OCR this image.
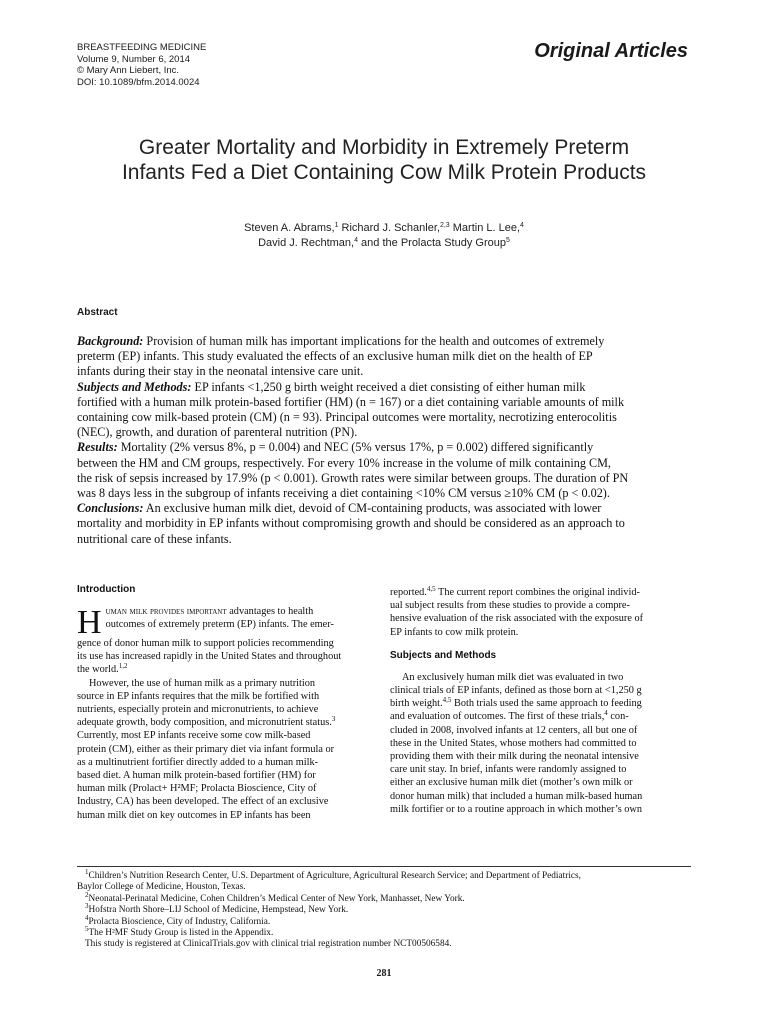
BREASTFEEDING MEDICINE
Volume 9, Number 6, 2014
© Mary Ann Liebert, Inc.
DOI: 10.1089/bfm.2014.0024
Original Articles
Greater Mortality and Morbidity in Extremely Preterm
Infants Fed a Diet Containing Cow Milk Protein Products
Steven A. Abrams,$^1$ Richard J. Schanler,$^{2,3}$ Martin L. Lee,$^4$
David J. Rechtman,$^4$ and the Prolacta Study Group$^5$
Abstract
Background: Provision of human milk has important implications for the health and outcomes of extremely
preterm (EP) infants. This study evaluated the effects of an exclusive human milk diet on the health of EP
infants during their stay in the neonatal intensive care unit.
Subjects and Methods: EP infants <1,250 g birth weight received a diet consisting of either human milk
fortified with a human milk protein-based fortifier (HM) (n = 167) or a diet containing variable amounts of milk
containing cow milk-based protein (CM) (n = 93). Principal outcomes were mortality, necrotizing enterocolitis
(NEC), growth, and duration of parenteral nutrition (PN).
Results: Mortality (2% versus 8%, p = 0.004) and NEC (5% versus 17%, p = 0.002) differed significantly
between the HM and CM groups, respectively. For every 10% increase in the volume of milk containing CM,
the risk of sepsis increased by 17.9% (p < 0.001). Growth rates were similar between groups. The duration of PN
was 8 days less in the subgroup of infants receiving a diet containing <10% CM versus ≥10% CM (p < 0.02).
Conclusions: An exclusive human milk diet, devoid of CM-containing products, was associated with lower
mortality and morbidity in EP infants without compromising growth and should be considered as an approach to
nutritional care of these infants.
Introduction
H uman milk provides important advantages to health
outcomes of extremely preterm (EP) infants. The emer-
gence of donor human milk to support policies recommending
its use has increased rapidly in the United States and throughout
the world.$^{1,2}$
However, the use of human milk as a primary nutrition
source in EP infants requires that the milk be fortified with
nutrients, especially protein and micronutrients, to achieve
adequate growth, body composition, and micronutrient status.$^3$
Currently, most EP infants receive some cow milk-based
protein (CM), either as their primary diet via infant formula or
as a multinutrient fortifier directly added to a human milk-
based diet. A human milk protein-based fortifier (HM) for
human milk (Prolact+ H²MF; Prolacta Bioscience, City of
Industry, CA) has been developed. The effect of an exclusive
human milk diet on key outcomes in EP infants has been
reported.$^{4,5}$ The current report combines the original individ-
ual subject results from these studies to provide a compre-
hensive evaluation of the risk associated with the exposure of
EP infants to cow milk protein.
Subjects and Methods
An exclusively human milk diet was evaluated in two
clinical trials of EP infants, defined as those born at <1,250 g
birth weight.$^{4,5}$ Both trials used the same approach to feeding
and evaluation of outcomes. The first of these trials,$^4$ con-
cluded in 2008, involved infants at 12 centers, all but one of
these in the United States, whose mothers had committed to
providing them with their milk during the neonatal intensive
care unit stay. In brief, infants were randomly assigned to
either an exclusive human milk diet (mother’s own milk or
donor human milk) that included a human milk-based human
milk fortifier or to a routine approach in which mother’s own
$^1$Children’s Nutrition Research Center, U.S. Department of Agriculture, Agricultural Research Service; and Department of Pediatrics,
Baylor College of Medicine, Houston, Texas.
$^2$Neonatal-Perinatal Medicine, Cohen Children’s Medical Center of New York, Manhasset, New York.
$^3$Hofstra North Shore–LIJ School of Medicine, Hempstead, New York.
$^4$Prolacta Bioscience, City of Industry, California.
$^5$The H²MF Study Group is listed in the Appendix.
This study is registered at ClinicalTrials.gov with clinical trial registration number NCT00506584.
281
